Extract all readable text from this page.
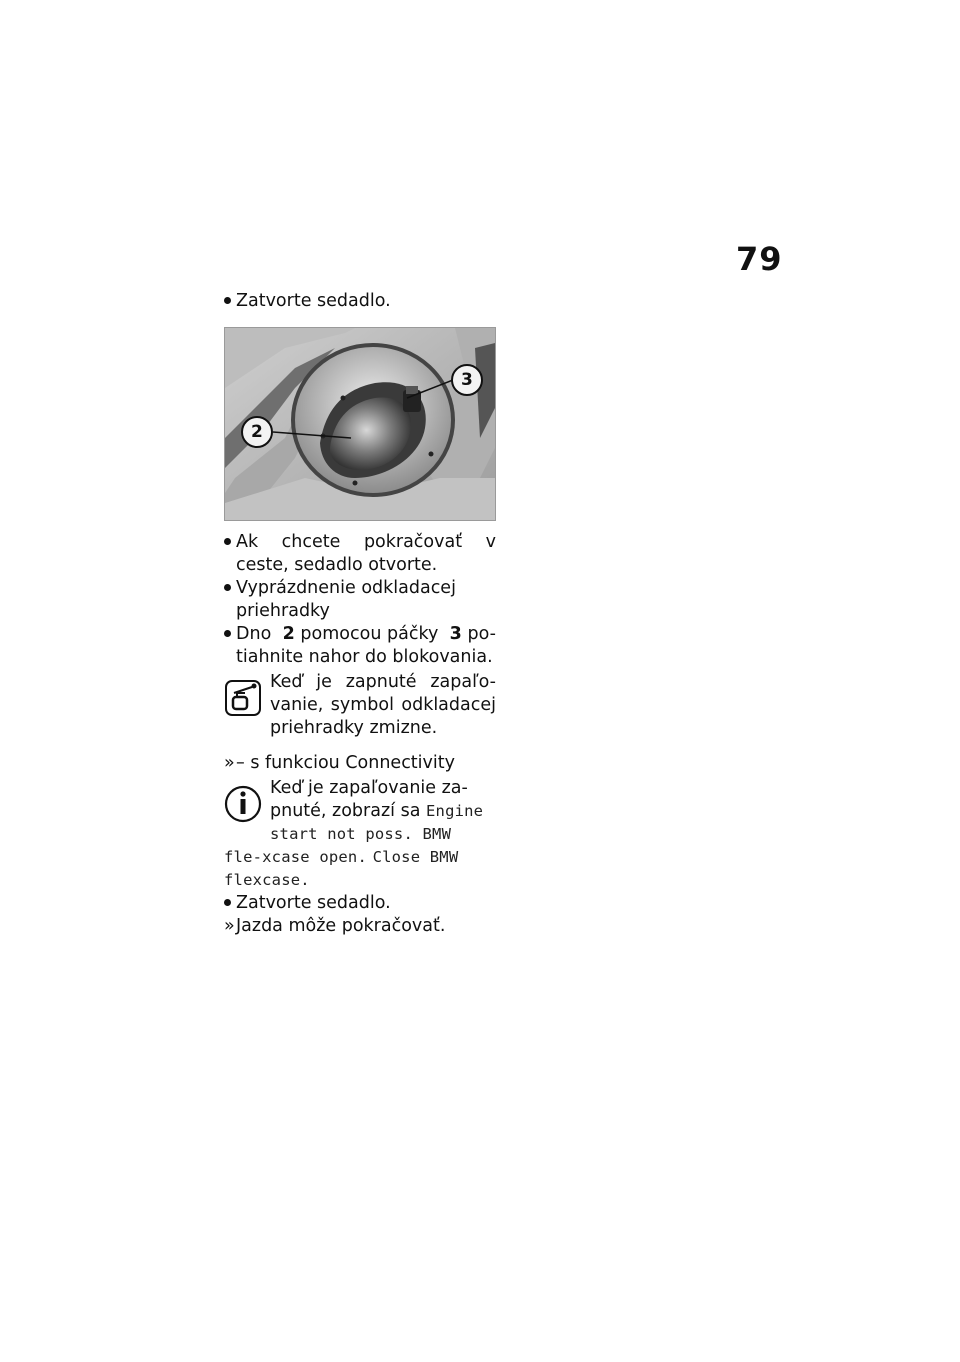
79
Zatvorte sedadlo.
2
3
Ak chcete pokračovať v ceste, sedadlo otvorte.
Vyprázdnenie odkladacej priehradky
Dno 2 pomocou páčky 3 po-tiahnite nahor do blokovania.
Keď je zapnuté zapaľo-vanie, symbol odkladacej priehradky zmizne.
» – s funkciou Connectivity
Keď je zapaľovanie za-pnuté, zobrazí sa Engine start not poss. BMW fle-xcase open. Close BMW flexcase.
Zatvorte sedadlo.
» Jazda môže pokračovať.
